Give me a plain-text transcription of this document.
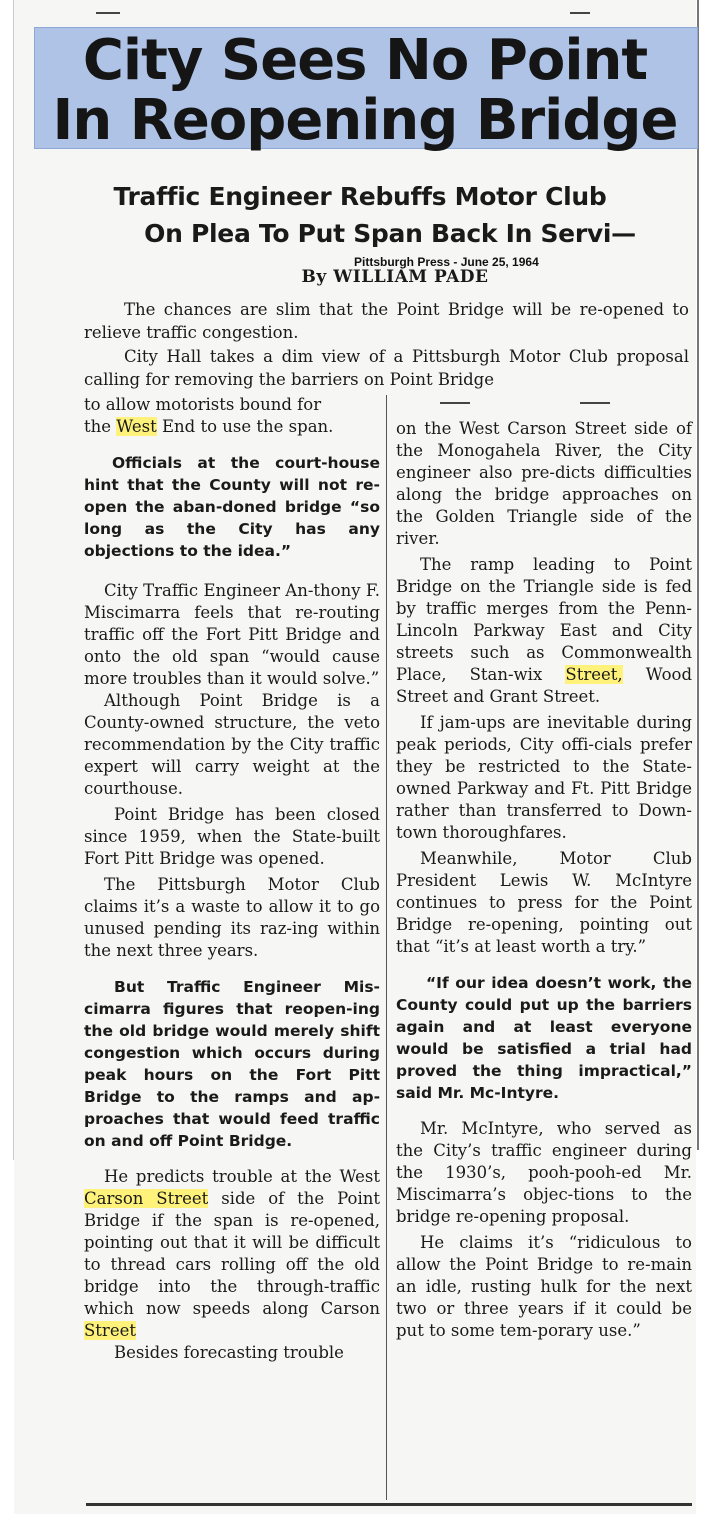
City Sees No Point
In Reopening Bridge
Traffic Engineer Rebuffs Motor Club
On Plea To Put Span Back In Servi—
Pittsburgh Press - June 25, 1964
By WILLIAM PADE
The chances are slim that the Point Bridge will be re-opened to relieve traffic congestion.
City Hall takes a dim view of a Pittsburgh Motor Club proposal calling for removing the barriers on Point Bridge

to allow motorists bound for

the West End to use the span.

Officials at the court-house hint that the County will not re-open the aban-doned bridge “so long as the City has any objections to the idea.”

City Traffic Engineer An-thony F. Miscimarra feels that re-routing traffic off the Fort Pitt Bridge and onto the old span “would cause more troubles than it would solve.”

Although Point Bridge is a County-owned structure, the veto recommendation by the City traffic expert will carry weight at the courthouse.

Point Bridge has been closed since 1959, when the State-built Fort Pitt Bridge was opened.

The Pittsburgh Motor Club claims it’s a waste to allow it to go unused pending its raz-ing within the next three years.

But Traffic Engineer Mis-cimarra figures that reopen-ing the old bridge would merely shift congestion which occurs during peak hours on the Fort Pitt Bridge to the ramps and ap-proaches that would feed traffic on and off Point Bridge.

He predicts trouble at the West Carson Street side of the Point Bridge if the span is re-opened, pointing out that it will be difficult to thread cars rolling off the old bridge into the through-traffic which now speeds along Carson Street

Besides forecasting trouble

on the West Carson Street side of the Monogahela River, the City engineer also pre-dicts difficulties along the bridge approaches on the Golden Triangle side of the river.

The ramp leading to Point Bridge on the Triangle side is fed by traffic merges from the Penn-Lincoln Parkway East and City streets such as Commonwealth Place, Stan-wix Street, Wood Street and Grant Street.

If jam-ups are inevitable during peak periods, City offi-cials prefer they be restricted to the State-owned Parkway and Ft. Pitt Bridge rather than transferred to Down-town thoroughfares.

Meanwhile, Motor Club President Lewis W. McIntyre continues to press for the Point Bridge re-opening, pointing out that “it’s at least worth a try.”

“If our idea doesn’t work, the County could put up the barriers again and at least everyone would be satisfied a trial had proved the thing impractical,” said Mr. Mc-Intyre.

Mr. McIntyre, who served as the City’s traffic engineer during the 1930’s, pooh-pooh-ed Mr. Miscimarra’s objec-tions to the bridge re-opening proposal.

He claims it’s “ridiculous to allow the Point Bridge to re-main an idle, rusting hulk for the next two or three years if it could be put to some tem-porary use.”
